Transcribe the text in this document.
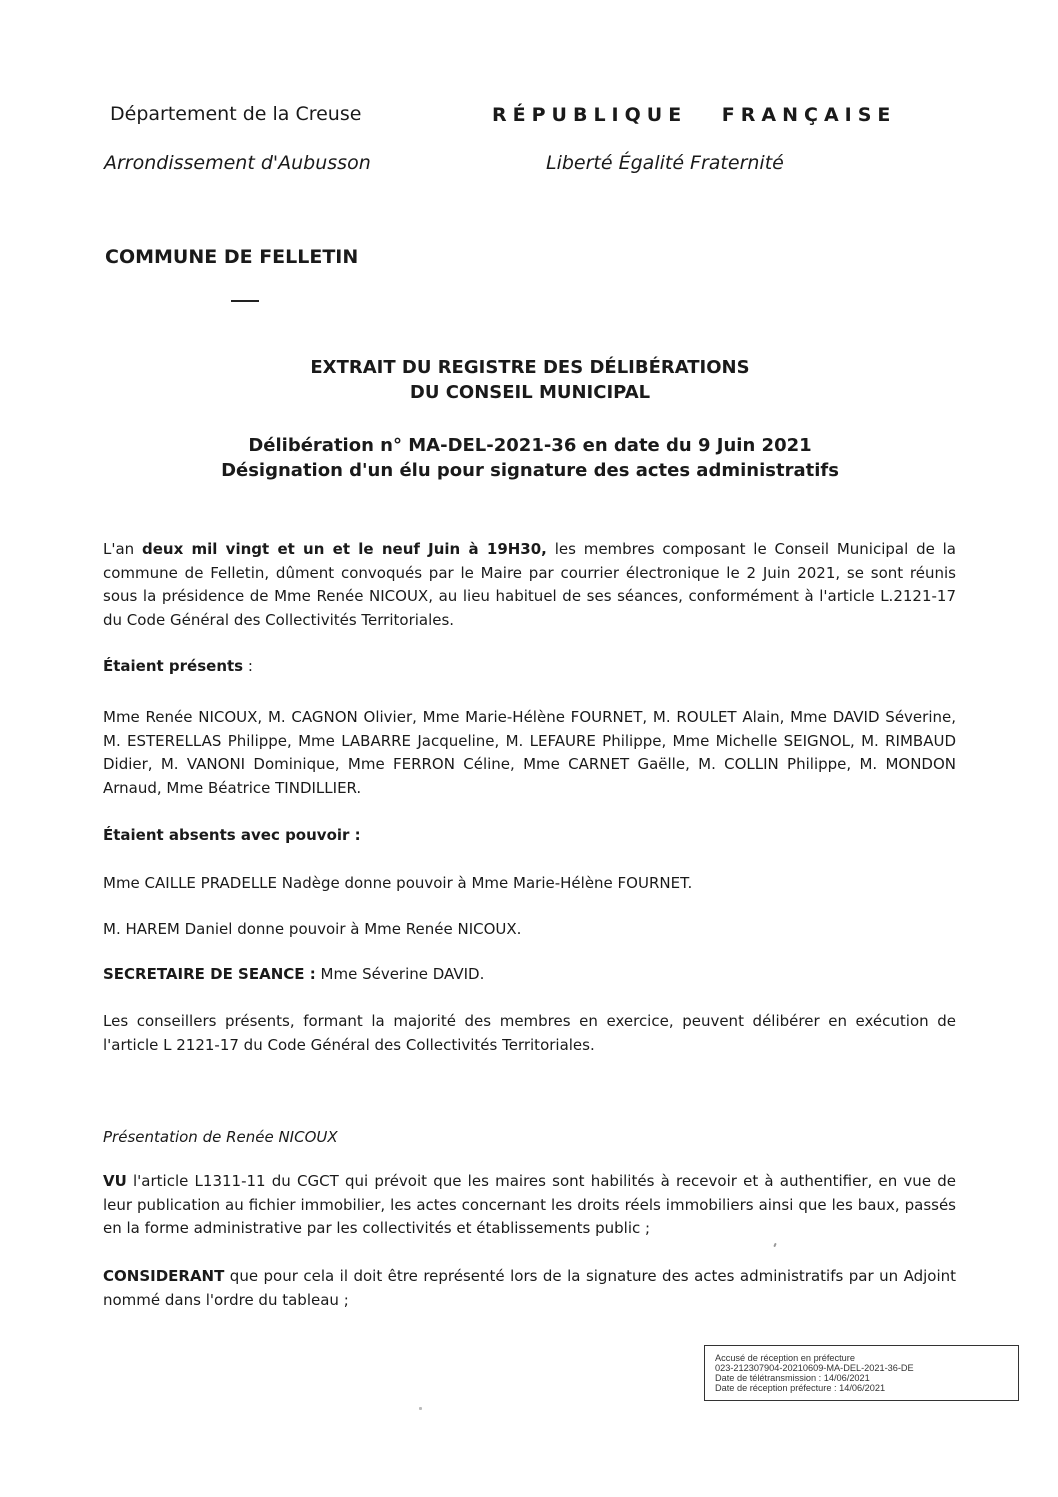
Département de la Creuse
Arrondissement d'Aubusson
RÉPUBLIQUE FRANÇAISE
Liberté Égalité Fraternité
COMMUNE DE FELLETIN
EXTRAIT DU REGISTRE DES DÉLIBÉRATIONS
DU CONSEIL MUNICIPAL
Délibération n° MA-DEL-2021-36 en date du 9 Juin 2021
Désignation d'un élu pour signature des actes administratifs
L'an deux mil vingt et un et le neuf Juin à 19H30, les membres composant le Conseil Municipal de la commune de Felletin, dûment convoqués par le Maire par courrier électronique le 2 Juin 2021, se sont réunis sous la présidence de Mme Renée NICOUX, au lieu habituel de ses séances, conformément à l'article L.2121-17 du Code Général des Collectivités Territoriales.
Étaient présents :
Mme Renée NICOUX, M. CAGNON Olivier, Mme Marie-Hélène FOURNET, M. ROULET Alain, Mme DAVID Séverine, M. ESTERELLAS Philippe, Mme LABARRE Jacqueline, M. LEFAURE Philippe, Mme Michelle SEIGNOL, M. RIMBAUD Didier, M. VANONI Dominique, Mme FERRON Céline, Mme CARNET Gaëlle, M. COLLIN Philippe, M. MONDON Arnaud, Mme Béatrice TINDILLIER.
Étaient absents avec pouvoir :
Mme CAILLE PRADELLE Nadège donne pouvoir à Mme Marie-Hélène FOURNET.
M. HAREM Daniel donne pouvoir à Mme Renée NICOUX.
SECRETAIRE DE SEANCE : Mme Séverine DAVID.
Les conseillers présents, formant la majorité des membres en exercice, peuvent délibérer en exécution de l'article L 2121-17 du Code Général des Collectivités Territoriales.
Présentation de Renée NICOUX
VU l'article L1311-11 du CGCT qui prévoit que les maires sont habilités à recevoir et à authentifier, en vue de leur publication au fichier immobilier, les actes concernant les droits réels immobiliers ainsi que les baux, passés en la forme administrative par les collectivités et établissements public ;
CONSIDERANT que pour cela il doit être représenté lors de la signature des actes administratifs par un Adjoint nommé dans l'ordre du tableau ;
Accusé de réception en préfecture
023-212307904-20210609-MA-DEL-2021-36-DE
Date de télétransmission : 14/06/2021
Date de réception préfecture : 14/06/2021
